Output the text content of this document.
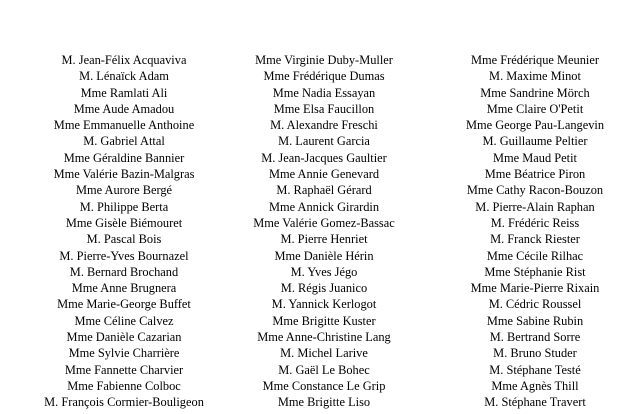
M. Jean-Félix Acquaviva
M. Lénaïck Adam
Mme Ramlati Ali
Mme Aude Amadou
Mme Emmanuelle Anthoine
M. Gabriel Attal
Mme Géraldine Bannier
Mme Valérie Bazin-Malgras
Mme Aurore Bergé
M. Philippe Berta
Mme Gisèle Biémouret
M. Pascal Bois
M. Pierre-Yves Bournazel
M. Bernard Brochand
Mme Anne Brugnera
Mme Marie-George Buffet
Mme Céline Calvez
Mme Danièle Cazarian
Mme Sylvie Charrière
Mme Fannette Charvier
Mme Fabienne Colboc
M. François Cormier-Bouligeon
Mme Virginie Duby-Muller
Mme Frédérique Dumas
Mme Nadia Essayan
Mme Elsa Faucillon
M. Alexandre Freschi
M. Laurent Garcia
M. Jean-Jacques Gaultier
Mme Annie Genevard
M. Raphaël Gérard
Mme Annick Girardin
Mme Valérie Gomez-Bassac
M. Pierre Henriet
Mme Danièle Hérin
M. Yves Jégo
M. Régis Juanico
M. Yannick Kerlogot
Mme Brigitte Kuster
Mme Anne-Christine Lang
M. Michel Larive
M. Gaël Le Bohec
Mme Constance Le Grip
Mme Brigitte Liso
Mme Frédérique Meunier
M. Maxime Minot
Mme Sandrine Mörch
Mme Claire O'Petit
Mme George Pau-Langevin
M. Guillaume Peltier
Mme Maud Petit
Mme Béatrice Piron
Mme Cathy Racon-Bouzon
M. Pierre-Alain Raphan
M. Frédéric Reiss
M. Franck Riester
Mme Cécile Rilhac
Mme Stéphanie Rist
Mme Marie-Pierre Rixain
M. Cédric Roussel
Mme Sabine Rubin
M. Bertrand Sorre
M. Bruno Studer
M. Stéphane Testé
Mme Agnès Thill
M. Stéphane Travert
